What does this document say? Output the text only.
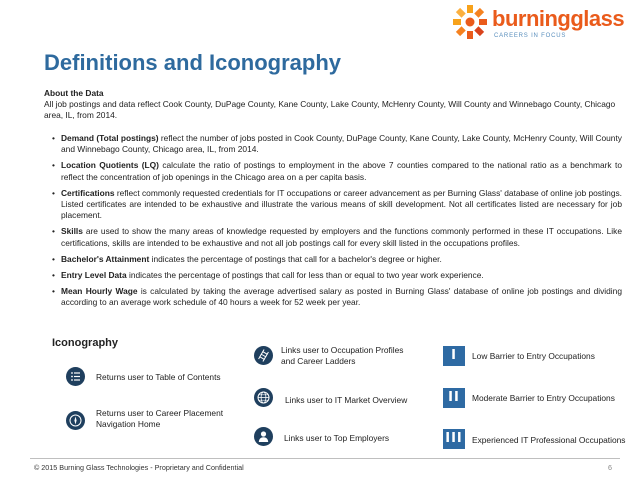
burningglass
CAREERS IN FOCUS
Definitions and Iconography
About the Data
All job postings and data reflect Cook County, DuPage County, Kane County, Lake County, McHenry County, Will County and Winnebago County, Chicago area, IL, from 2014.
• Demand (Total postings) reflect the number of jobs posted in Cook County, DuPage County, Kane County, Lake County, McHenry County, Will County and Winnebago County, Chicago area, IL, from 2014.
• Location Quotients (LQ) calculate the ratio of postings to employment in the above 7 counties compared to the national ratio as a benchmark to reflect the concentration of job openings in the Chicago area on a per capita basis.
• Certifications reflect commonly requested credentials for IT occupations or career advancement as per Burning Glass' database of online job postings. Listed certificates are intended to be exhaustive and illustrate the various means of skill development. Not all certificates listed are necessary for job placement.
• Skills are used to show the many areas of knowledge requested by employers and the functions commonly performed in these IT occupations. Like certifications, skills are intended to be exhaustive and not all job postings call for every skill listed in the occupations profiles.
• Bachelor's Attainment indicates the percentage of postings that call for a bachelor's degree or higher.
• Entry Level Data indicates the percentage of postings that call for less than or equal to two year work experience.
• Mean Hourly Wage is calculated by taking the average advertised salary as posted in Burning Glass' database of online job postings and dividing according to an average work schedule of 40 hours a week for 52 week per year.
Iconography
Returns user to Table of Contents
Returns user to Career Placement
Navigation Home
Links user to Occupation Profiles
and Career Ladders
Links user to IT Market Overview
Links user to Top Employers
I	Low Barrier to Entry Occupations
II	Moderate Barrier to Entry Occupations
III Experienced IT Professional Occupations
© 2015 Burning Glass Technologies - Proprietary and Confidential	6
